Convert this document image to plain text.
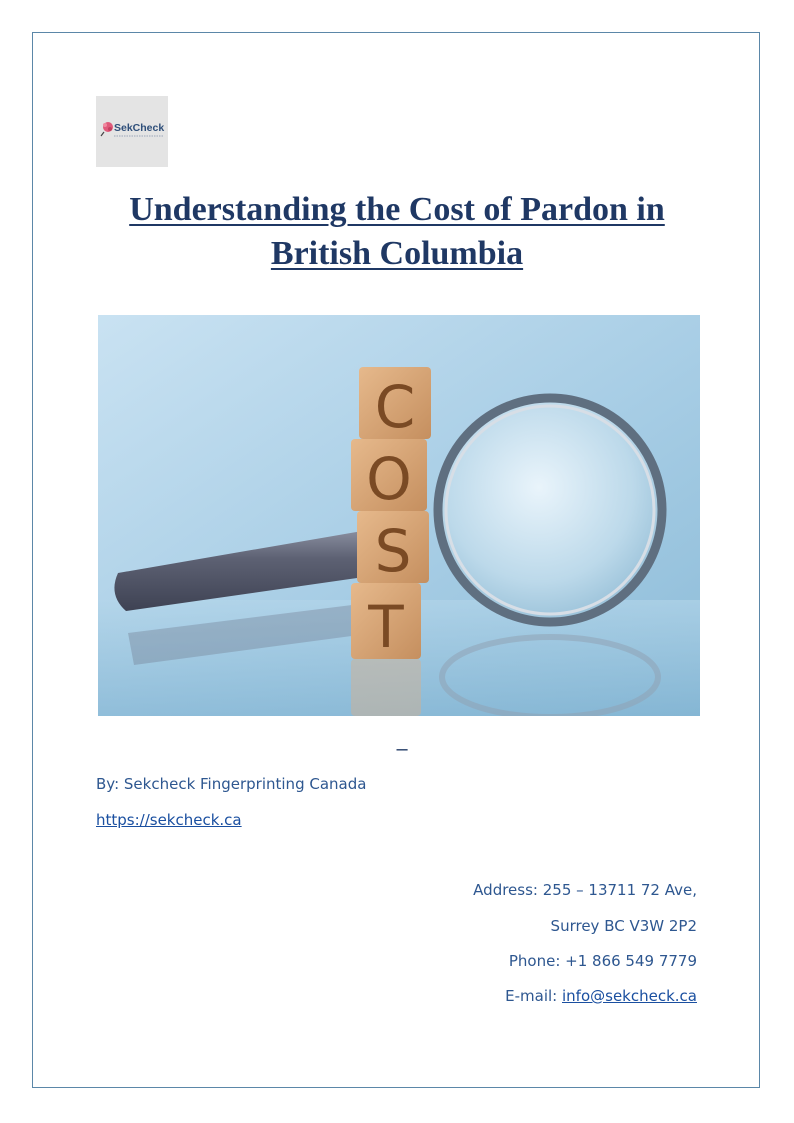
SekCheck
Understanding the Cost of Pardon in
British Columbia
C
O
S
T
–
By: Sekcheck Fingerprinting Canada
https://sekcheck.ca
Address: 255 – 13711 72 Ave,
Surrey BC V3W 2P2
Phone: +1 866 549 7779
E-mail: info@sekcheck.ca
